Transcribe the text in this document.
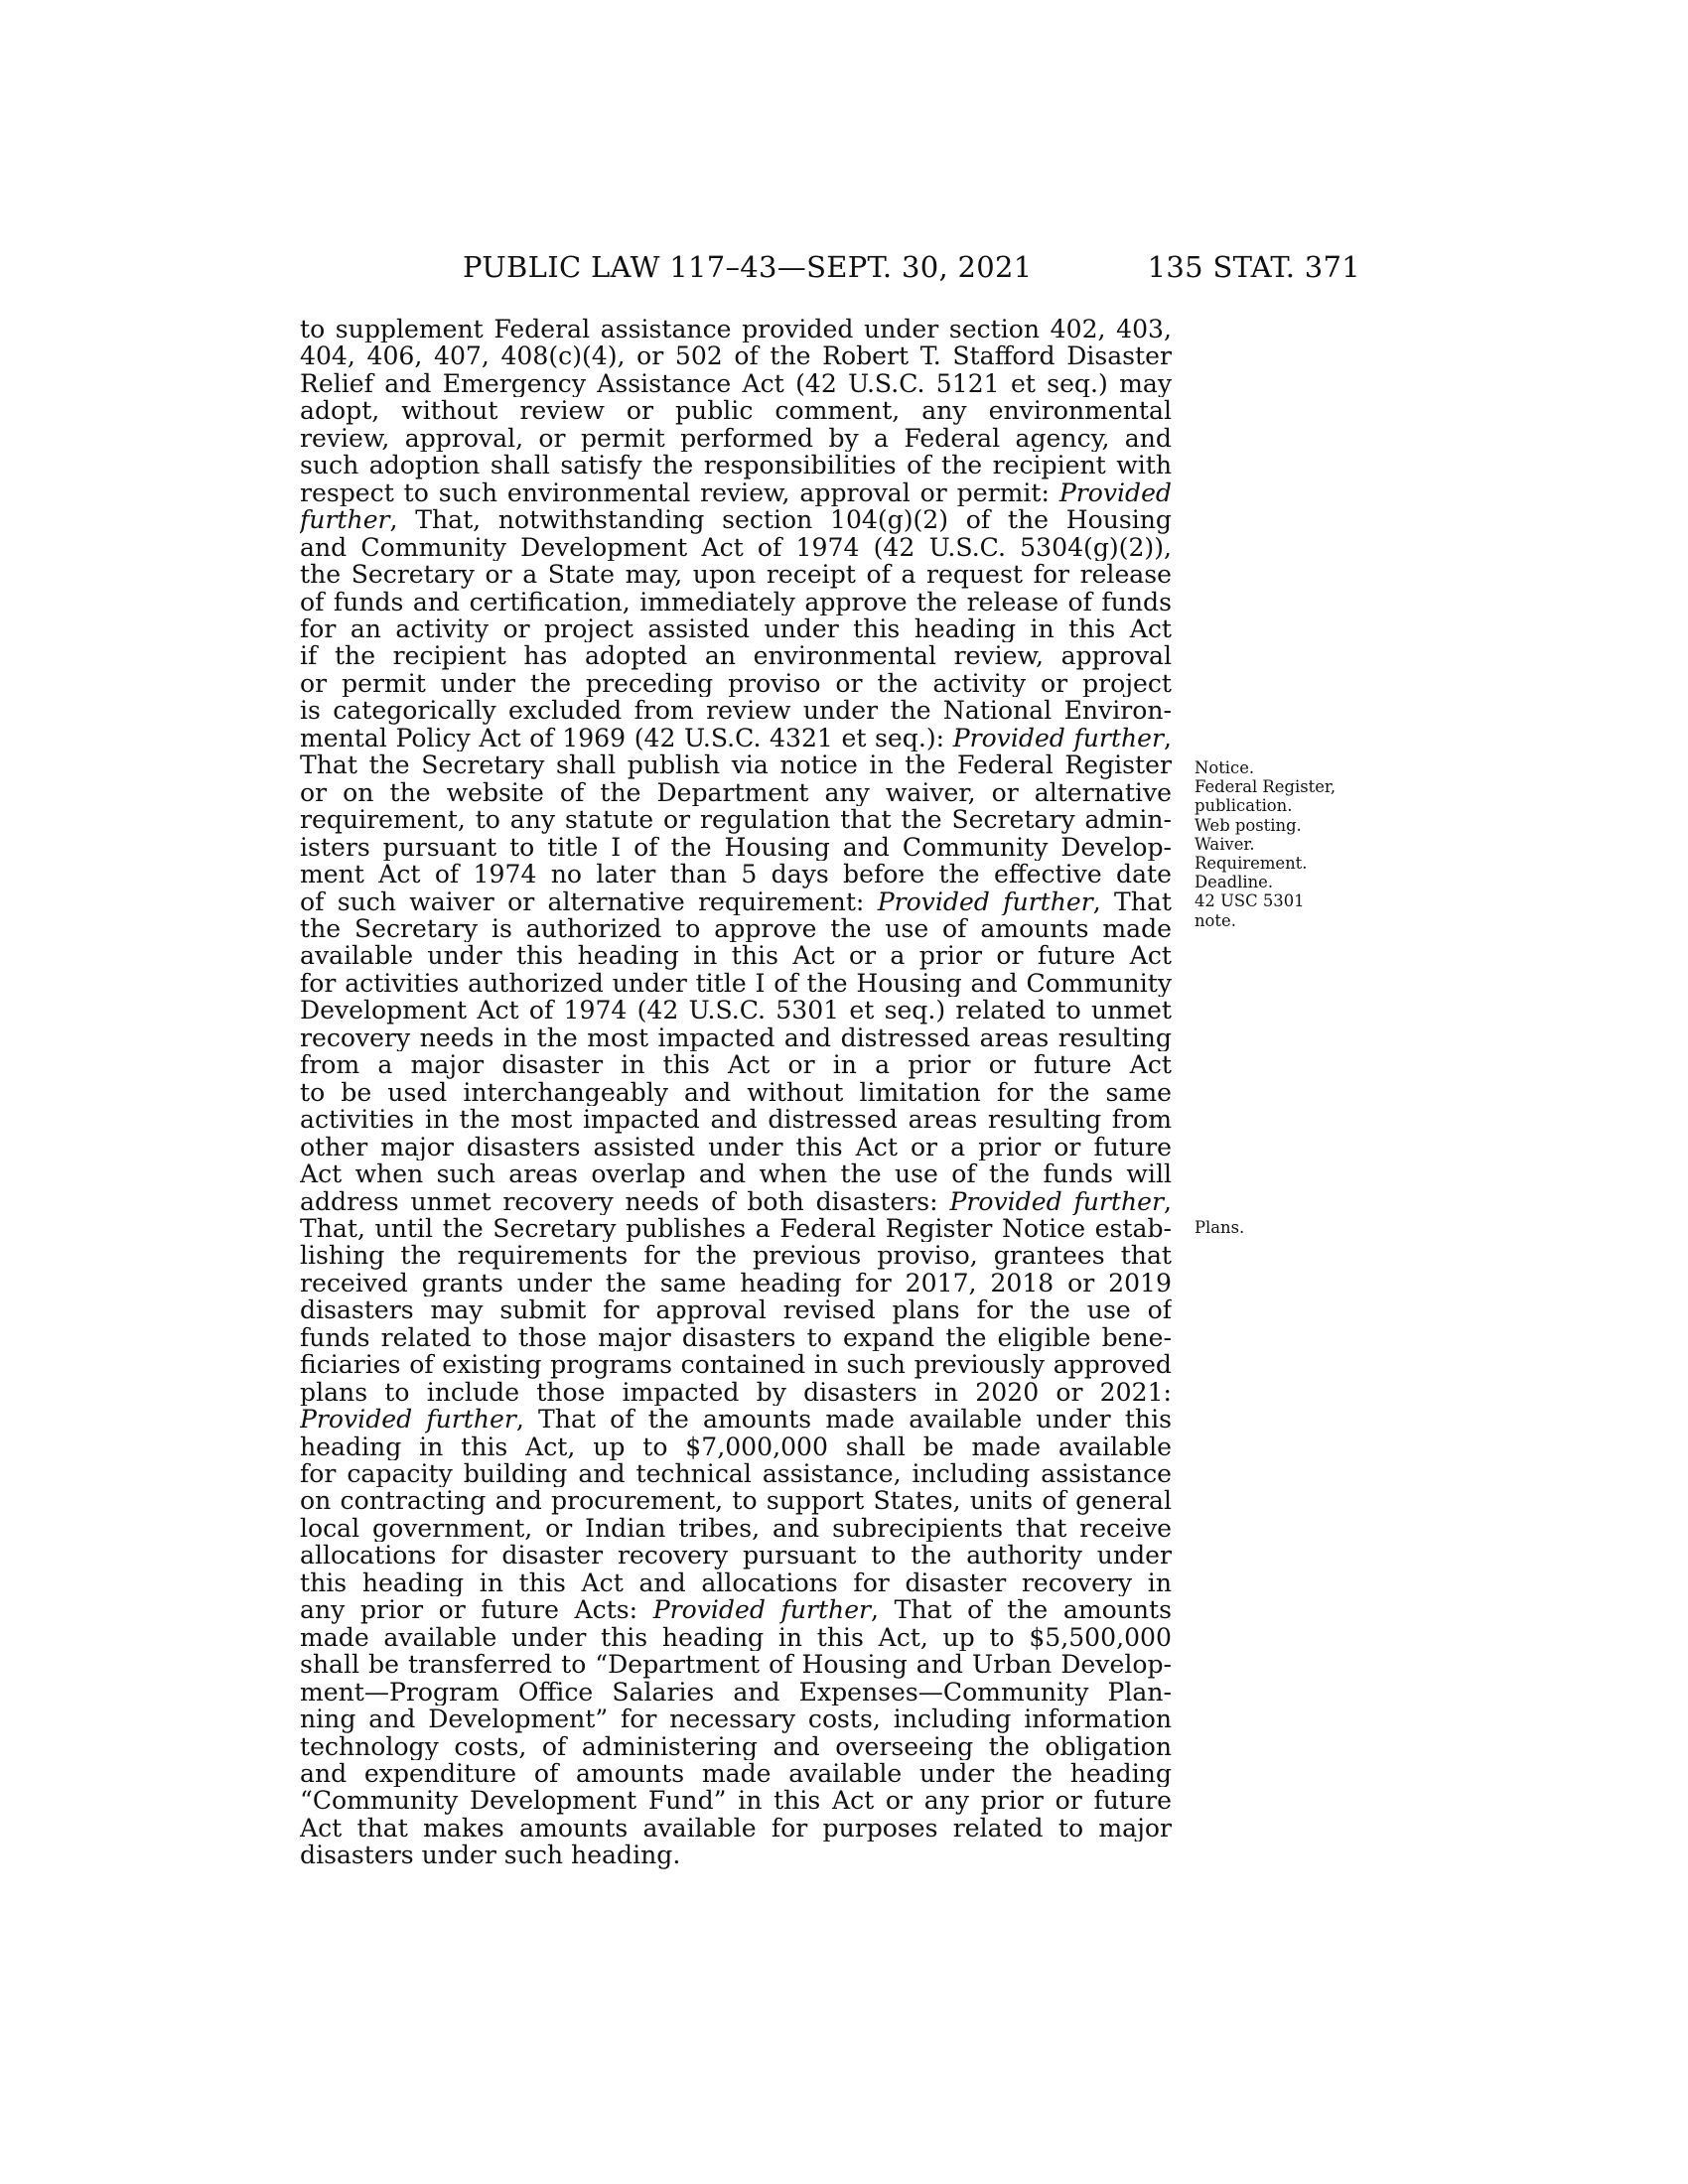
PUBLIC LAW 117–43—SEPT. 30, 2021	135 STAT. 371
to supplement Federal assistance provided under section 402, 403,
404, 406, 407, 408(c)(4), or 502 of the Robert T. Stafford Disaster
Relief and Emergency Assistance Act (42 U.S.C. 5121 et seq.) may
adopt, without review or public comment, any environmental
review, approval, or permit performed by a Federal agency, and
such adoption shall satisfy the responsibilities of the recipient with
respect to such environmental review, approval or permit: Provided
further, That, notwithstanding section 104(g)(2) of the Housing
and Community Development Act of 1974 (42 U.S.C. 5304(g)(2)),
the Secretary or a State may, upon receipt of a request for release
of funds and certification, immediately approve the release of funds
for an activity or project assisted under this heading in this Act
if the recipient has adopted an environmental review, approval
or permit under the preceding proviso or the activity or project
is categorically excluded from review under the National Environ-
mental Policy Act of 1969 (42 U.S.C. 4321 et seq.): Provided further,
That the Secretary shall publish via notice in the Federal Register
or on the website of the Department any waiver, or alternative
requirement, to any statute or regulation that the Secretary admin-
isters pursuant to title I of the Housing and Community Develop-
ment Act of 1974 no later than 5 days before the effective date
of such waiver or alternative requirement: Provided further, That
the Secretary is authorized to approve the use of amounts made
available under this heading in this Act or a prior or future Act
for activities authorized under title I of the Housing and Community
Development Act of 1974 (42 U.S.C. 5301 et seq.) related to unmet
recovery needs in the most impacted and distressed areas resulting
from a major disaster in this Act or in a prior or future Act
to be used interchangeably and without limitation for the same
activities in the most impacted and distressed areas resulting from
other major disasters assisted under this Act or a prior or future
Act when such areas overlap and when the use of the funds will
address unmet recovery needs of both disasters: Provided further,
That, until the Secretary publishes a Federal Register Notice estab-
lishing the requirements for the previous proviso, grantees that
received grants under the same heading for 2017, 2018 or 2019
disasters may submit for approval revised plans for the use of
funds related to those major disasters to expand the eligible bene-
ficiaries of existing programs contained in such previously approved
plans to include those impacted by disasters in 2020 or 2021:
Provided further, That of the amounts made available under this
heading in this Act, up to $7,000,000 shall be made available
for capacity building and technical assistance, including assistance
on contracting and procurement, to support States, units of general
local government, or Indian tribes, and subrecipients that receive
allocations for disaster recovery pursuant to the authority under
this heading in this Act and allocations for disaster recovery in
any prior or future Acts: Provided further, That of the amounts
made available under this heading in this Act, up to $5,500,000
shall be transferred to “Department of Housing and Urban Develop-
ment—Program Office Salaries and Expenses—Community Plan-
ning and Development” for necessary costs, including information
technology costs, of administering and overseeing the obligation
and expenditure of amounts made available under the heading
“Community Development Fund” in this Act or any prior or future
Act that makes amounts available for purposes related to major
disasters under such heading.
Notice.
Federal Register,
publication.
Web posting.
Waiver.
Requirement.
Deadline.
42 USC 5301
note.
Plans.
